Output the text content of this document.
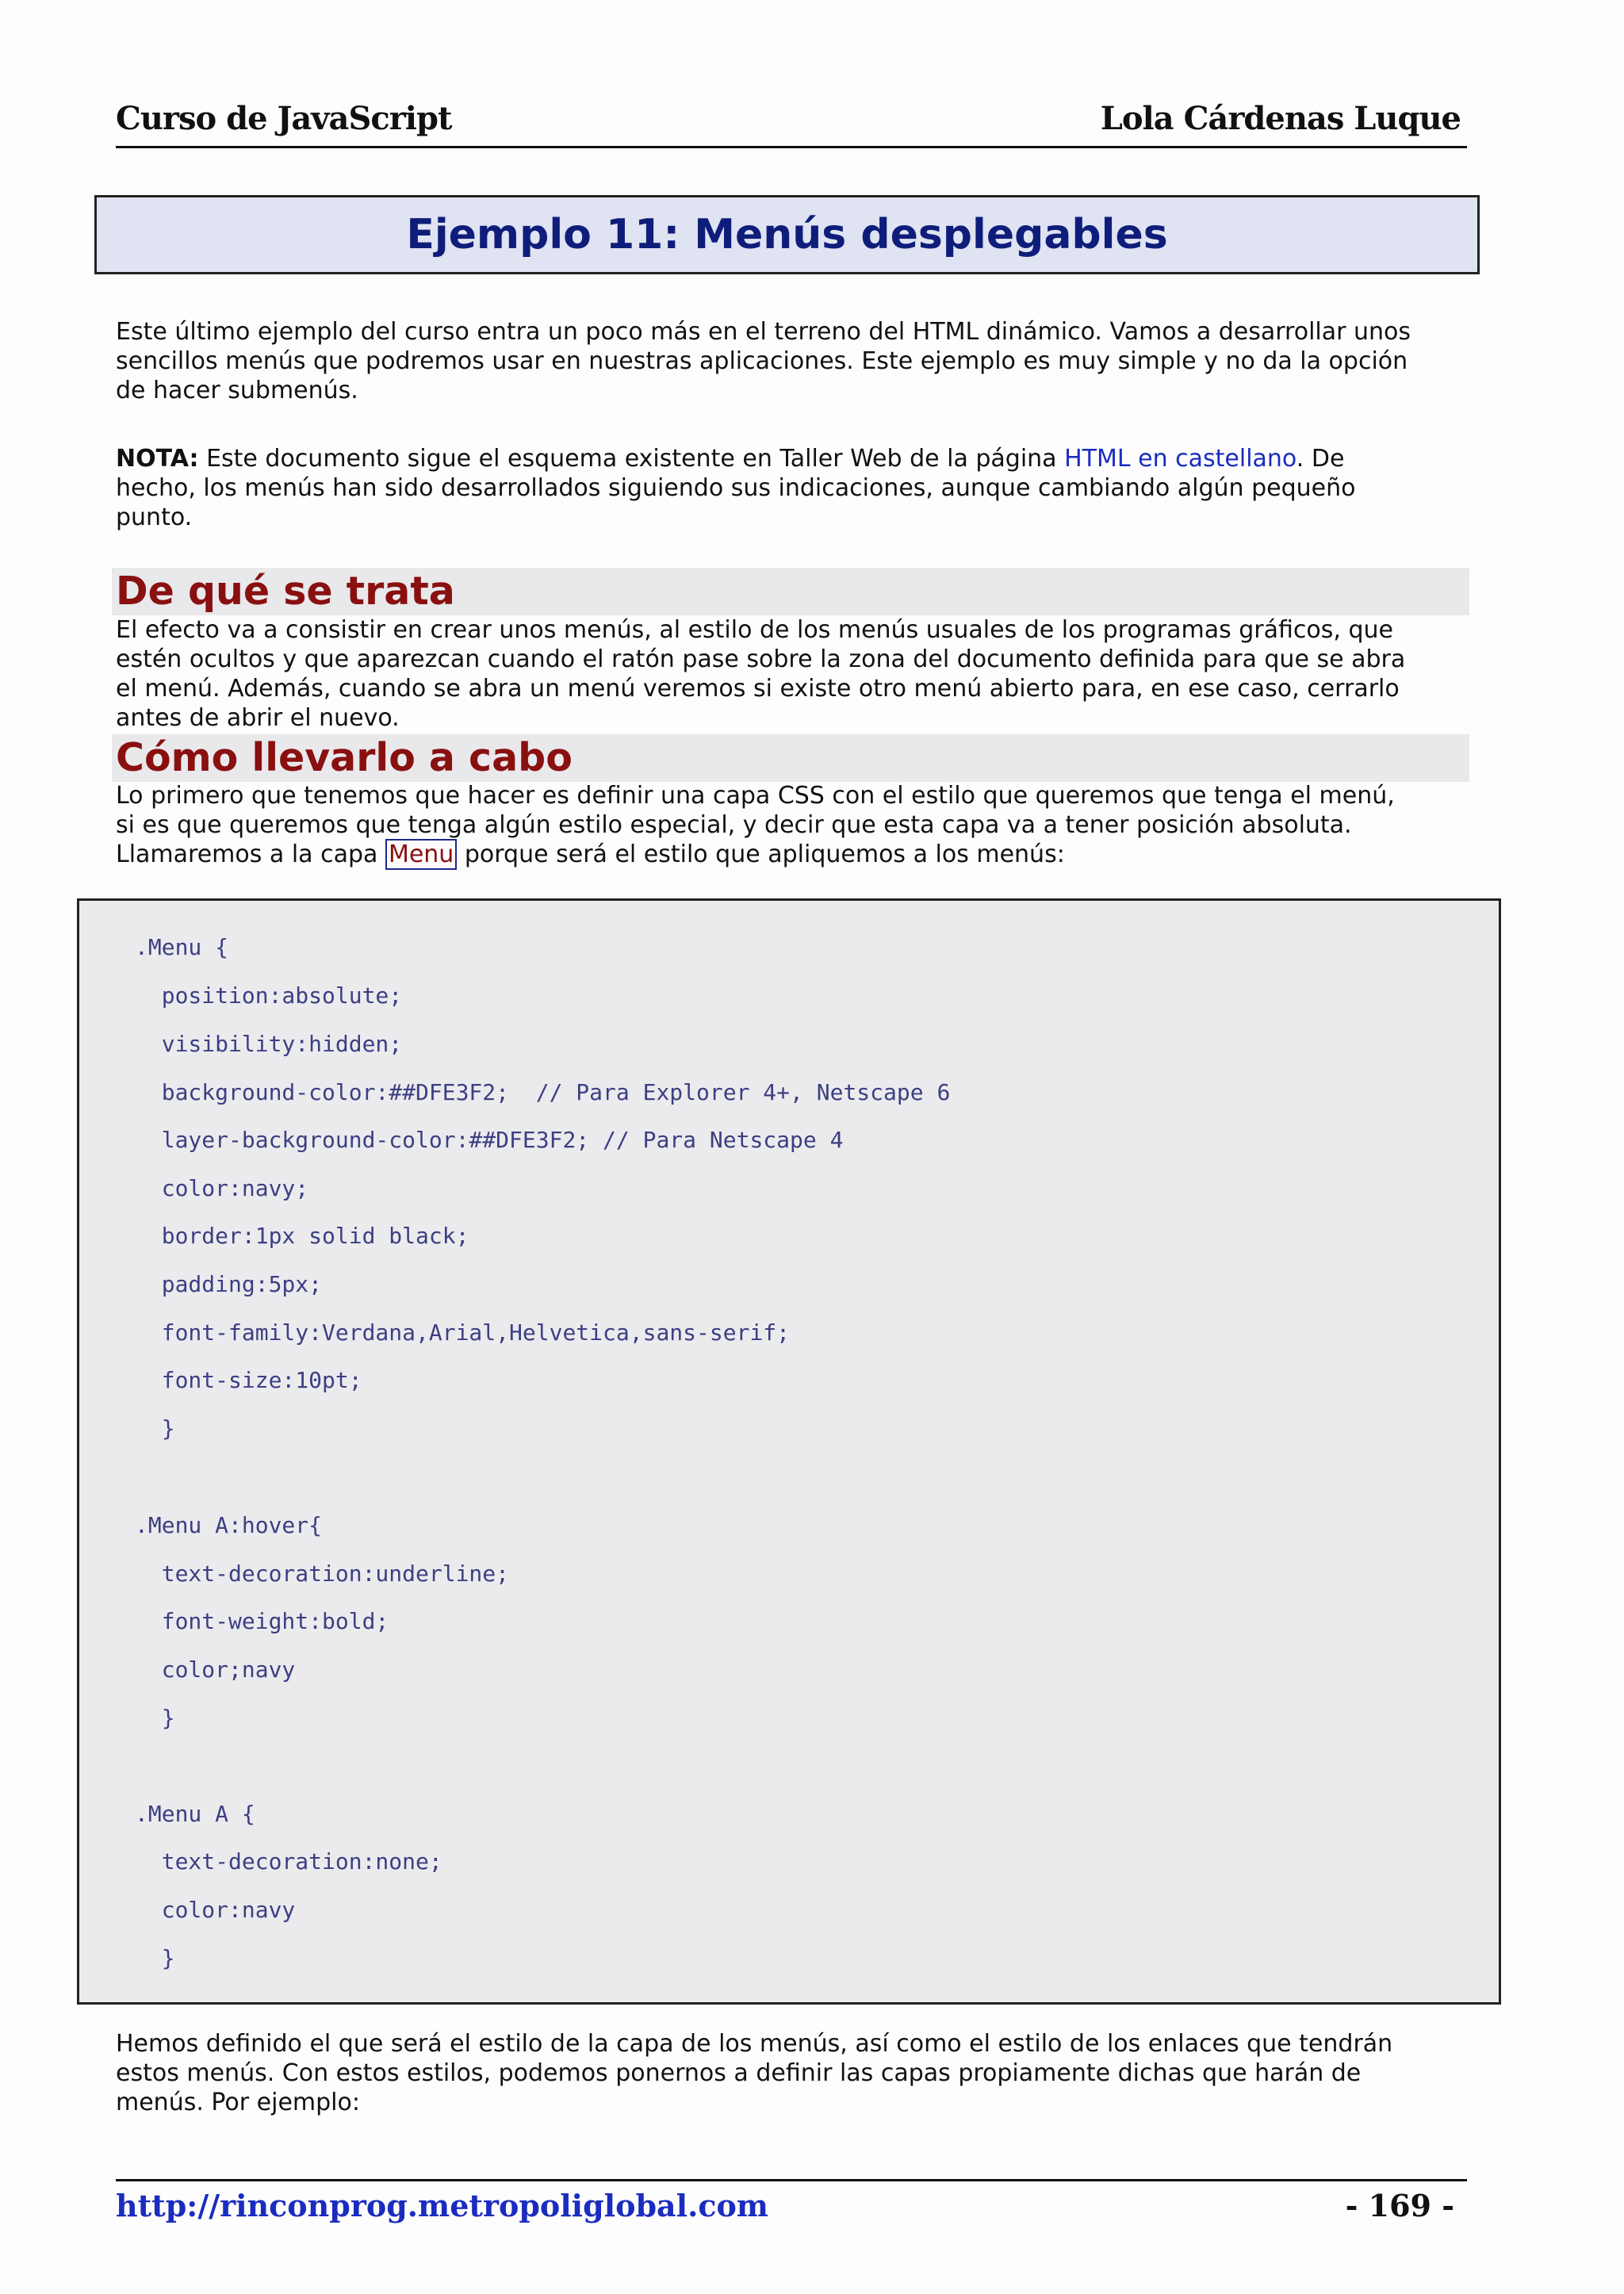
Curso de JavaScript	Lola Cárdenas Luque
Ejemplo 11: Menús desplegables
Este último ejemplo del curso entra un poco más en el terreno del HTML dinámico. Vamos a desarrollar unos
sencillos menús que podremos usar en nuestras aplicaciones. Este ejemplo es muy simple y no da la opción
de hacer submenús.
NOTA: Este documento sigue el esquema existente en Taller Web de la página HTML en castellano. De
hecho, los menús han sido desarrollados siguiendo sus indicaciones, aunque cambiando algún pequeño
punto.
De qué se trata
El efecto va a consistir en crear unos menús, al estilo de los menús usuales de los programas gráficos, que
estén ocultos y que aparezcan cuando el ratón pase sobre la zona del documento definida para que se abra
el menú. Además, cuando se abra un menú veremos si existe otro menú abierto para, en ese caso, cerrarlo
antes de abrir el nuevo.
Cómo llevarlo a cabo
Lo primero que tenemos que hacer es definir una capa CSS con el estilo que queremos que tenga el menú,
si es que queremos que tenga algún estilo especial, y decir que esta capa va a tener posición absoluta.
Llamaremos a la capa Menu porque será el estilo que apliquemos a los menús:
.Menu {
position:absolute;
visibility:hidden;
background-color:##DFE3F2;  // Para Explorer 4+, Netscape 6
layer-background-color:##DFE3F2; // Para Netscape 4
color:navy;
border:1px solid black;
padding:5px;
font-family:Verdana,Arial,Helvetica,sans-serif;
font-size:10pt;
}
.Menu A:hover{
text-decoration:underline;
font-weight:bold;
color;navy
}
.Menu A {
text-decoration:none;
color:navy
}
Hemos definido el que será el estilo de la capa de los menús, así como el estilo de los enlaces que tendrán
estos menús. Con estos estilos, podemos ponernos a definir las capas propiamente dichas que harán de
menús. Por ejemplo:
http://rinconprog.metropoliglobal.com	- 169 -
